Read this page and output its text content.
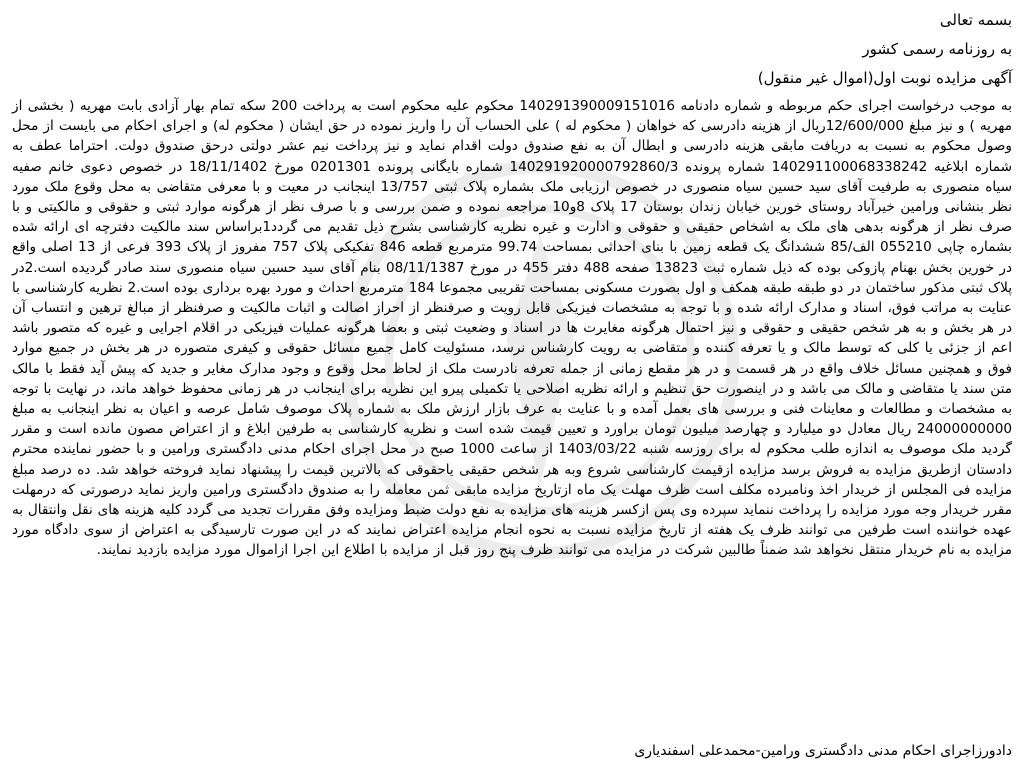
بسمه تعالی
به روزنامه رسمی کشور
آگهی مزایده نوبت اول(اموال غیر منقول)

به موجب درخواست اجرای حکم مربوطه و شماره دادنامه 140291390009151016 محکوم علیه محکوم است به پرداخت 200 سکه تمام بهار آزادی بابت مهریه ( بخشی از مهریه ) و نیز مبلغ 12/600/000ریال از هزینه دادرسی که خواهان ( محکوم له ) علی الحساب آن را واریز نموده در حق ایشان ( محکوم له) و اجرای احکام می بایست از محل وصول محکوم به نسبت به دریافت مابقی هزینه دادرسی و ابطال آن به نفع صندوق دولت اقدام نماید و نیز پرداخت نیم عشر دولتی درحق صندوق دولت. احتراما عطف به شماره ابلاغیه 140291100068338242 شماره پرونده 140291920000792860/3 شماره بایگانی پرونده 0201301 مورخ 18/11/1402 در خصوص دعوی خانم صفیه سیاه منصوری به طرفیت آقای سید حسین سیاه منصوری در خصوص ارزیابی ملک بشماره پلاک ثبتی 13/757 اینجانب در معیت و با معرفی متقاضی به محل وقوع ملک مورد نظر بنشانی ورامین خیرآباد روستای خورین خیابان زندان بوستان 17 پلاک 8و10 مراجعه نموده و ضمن بررسی و با صرف نظر از هرگونه موارد ثبتی و حقوقی و مالکیتی و با صرف نظر از هرگونه بدهی های ملک به اشخاص حقیقی و حقوقی و ادارت و غیره نظریه کارشناسی بشرح ذیل تقدیم می گردد1براساس سند مالکیت دفترچه ای ارائه شده بشماره چاپی 055210 الف/85 ششدانگ یک قطعه زمین با بنای احداثی بمساحت 99.74 مترمربع قطعه 846 تفکیکی پلاک 757 مفروز از پلاک 393 فرعی از 13 اصلی واقع در خورین بخش بهنام پازوکی بوده که ذیل شماره ثبت 13823 صفحه 488 دفتر 455 در مورخ 08/11/1387 بنام آقای سید حسین سیاه منصوری سند صادر گردیده است.2در پلاک ثبتی مذکور ساختمان در دو طبقه طبقه همکف و اول بصورت مسکونی بمساحت تقریبی مجموعا 184 مترمربع احداث و مورد بهره برداری بوده است.2 نظریه کارشناسی با عنایت به مراتب فوق، اسناد و مدارک ارائه شده و با توجه به مشخصات فیزیکی قابل رویت و صرفنظر از احراز اصالت و اثبات مالکیت و صرفنظر از مبالغ ترهین و انتساب آن در هر بخش و به هر شخص حقیقی و حقوقی و نیز احتمال هرگونه مغایرت ها در اسناد و وضعیت ثبتی و بعضا هرگونه عملیات فیزیکی در اقلام اجرایی و غیره که متصور باشد اعم از جزئی یا کلی که توسط مالک و یا تعرفه کننده و متقاضی به رویت کارشناس نرسد، مسئولیت کامل جمیع مسائل حقوقی و کیفری متصوره در هر بخش در جمیع موارد فوق و همچنین مسائل خلاف واقع در هر قسمت و در هر مقطع زمانی از جمله تعرفه نادرست ملک از لحاظ محل وقوع و وجود مدارک مغایر و جدید که پیش آید فقط با مالک متن سند یا متقاضی و مالک می باشد و در اینصورت حق تنظیم و ارائه نظریه اصلاحی یا تکمیلی پیرو این نظریه برای اینجانب در هر زمانی محفوظ خواهد ماند، در نهایت با توجه به مشخصات و مطالعات و معاینات فنی و بررسی های بعمل آمده و با عنایت به عرف بازار ارزش ملک به شماره پلاک موصوف شامل عرصه و اعیان به نظر اینجانب به مبلغ 24000000000 ریال معادل دو میلیارد و چهارصد میلیون تومان براورد و تعیین قیمت شده است و نظریه کارشناسی به طرفین ابلاغ و از اعتراض مصون مانده است و مقرر گردید ملک موصوف به اندازه طلب محکوم له برای روزسه شنبه 1403/03/22 از ساعت 1000 صبح در محل اجرای احکام مدنی دادگستری ورامین و با حضور نماینده محترم دادستان ازطریق مزایده به فروش برسد مزایده ازقیمت کارشناسی شروع وبه هر شخص حقیقی یاحقوقی که بالاترین قیمت را پیشنهاد نماید فروخته خواهد شد. ده درصد مبلغ مزایده فی المجلس از خریدار اخذ ونامبرده مکلف است ظرف مهلت یک ماه ازتاریخ مزایده مابقی ثمن معامله را به صندوق دادگستری ورامین واریز نماید درصورتی که درمهلت مقرر خریدار وجه مورد مزایده را پرداخت ننماید سپرده وی پس ازکسر هزینه های مزایده به نفع دولت ضبط ومزایده وفق مقررات تجدید می گردد کلیه هزینه های نقل وانتقال به عهده خواننده است طرفین می توانند ظرف یک هفته از تاریخ مزایده نسبت به نحوه انجام مزایده اعتراض نمایند که در این صورت تارسیدگی به اعتراض از سوی دادگاه مورد مزایده به نام خریدار منتقل نخواهد شد ضمناً طالبین شرکت در مزایده می توانند ظرف پنج روز قبل از مزایده با اطلاع این اجرا ازاموال مورد مزایده بازدید نمایند.

دادورزاجرای احکام مدنی دادگستری ورامین-محمدعلی اسفندیاری
